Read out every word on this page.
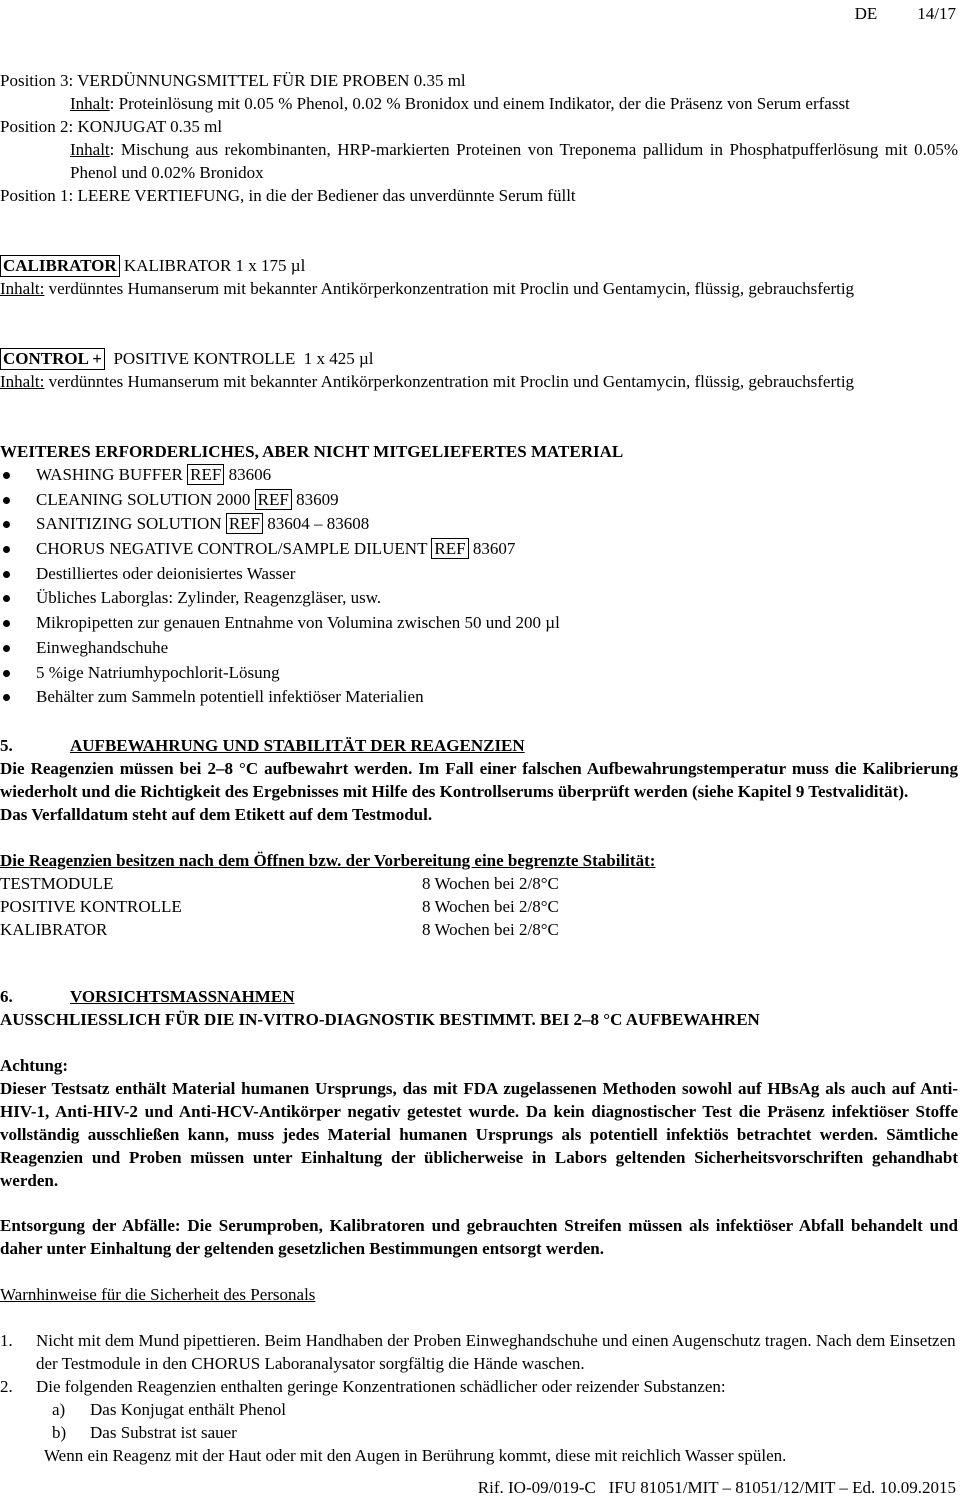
DE 14/17

Position 3: VERDÜNNUNGSMITTEL FÜR DIE PROBEN 0.35 ml

Inhalt: Proteinlösung mit 0.05 % Phenol, 0.02 % Bronidox und einem Indikator, der die Präsenz von Serum erfasst

Position 2: KONJUGAT 0.35 ml

Inhalt: Mischung aus rekombinanten, HRP-markierten Proteinen von Treponema pallidum in Phosphatpufferlösung mit 0.05% Phenol und 0.02% Bronidox

Position 1: LEERE VERTIEFUNG, in die der Bediener das unverdünnte Serum füllt

CALIBRATOR KALIBRATOR 1 x 175 µl

Inhalt: verdünntes Humanserum mit bekannter Antikörperkonzentration mit Proclin und Gentamycin, flüssig, gebrauchsfertig

CONTROL +  POSITIVE KONTROLLE  1 x 425 µl

Inhalt: verdünntes Humanserum mit bekannter Antikörperkonzentration mit Proclin und Gentamycin, flüssig, gebrauchsfertig

WEITERES ERFORDERLICHES, ABER NICHT MITGELIEFERTES MATERIAL

WASHING BUFFER REF 83606
CLEANING SOLUTION 2000 REF 83609
SANITIZING SOLUTION REF 83604 – 83608
CHORUS NEGATIVE CONTROL/SAMPLE DILUENT REF 83607
Destilliertes oder deionisiertes Wasser
Übliches Laborglas: Zylinder, Reagenzgläser, usw.
Mikropipetten zur genauen Entnahme von Volumina zwischen 50 und 200 µl
Einweghandschuhe
5 %ige Natriumhypochlorit-Lösung
Behälter zum Sammeln potentiell infektiöser Materialien

5.	AUFBEWAHRUNG UND STABILITÄT DER REAGENZIEN

Die Reagenzien müssen bei 2–8 °C aufbewahrt werden. Im Fall einer falschen Aufbewahrungstemperatur muss die Kalibrierung wiederholt und die Richtigkeit des Ergebnisses mit Hilfe des Kontrollserums überprüft werden (siehe Kapitel 9 Testvalidität).

Das Verfalldatum steht auf dem Etikett auf dem Testmodul.

Die Reagenzien besitzen nach dem Öffnen bzw. der Vorbereitung eine begrenzte Stabilität:

TESTMODULE	8 Wochen bei 2/8°C
POSITIVE KONTROLLE	8 Wochen bei 2/8°C
KALIBRATOR	8 Wochen bei 2/8°C

6.	VORSICHTSMASSNAHMEN

AUSSCHLIESSLICH FÜR DIE IN-VITRO-DIAGNOSTIK BESTIMMT. BEI 2–8 °C AUFBEWAHREN

Achtung:

Dieser Testsatz enthält Material humanen Ursprungs, das mit FDA zugelassenen Methoden sowohl auf HBsAg als auch auf Anti-HIV-1, Anti-HIV-2 und Anti-HCV-Antikörper negativ getestet wurde. Da kein diagnostischer Test die Präsenz infektiöser Stoffe vollständig ausschließen kann, muss jedes Material humanen Ursprungs als potentiell infektiös betrachtet werden. Sämtliche Reagenzien und Proben müssen unter Einhaltung der üblicherweise in Labors geltenden Sicherheitsvorschriften gehandhabt werden.

Entsorgung der Abfälle: Die Serumproben, Kalibratoren und gebrauchten Streifen müssen als infektiöser Abfall behandelt und daher unter Einhaltung der geltenden gesetzlichen Bestimmungen entsorgt werden.

Warnhinweise für die Sicherheit des Personals

1.	Nicht mit dem Mund pipettieren. Beim Handhaben der Proben Einweghandschuhe und einen Augenschutz tragen. Nach dem Einsetzen der Testmodule in den CHORUS Laboranalysator sorgfältig die Hände waschen.
2.	Die folgenden Reagenzien enthalten geringe Konzentrationen schädlicher oder reizender Substanzen:
a) Das Konjugat enthält Phenol
b) Das Substrat ist sauer

Wenn ein Reagenz mit der Haut oder mit den Augen in Berührung kommt, diese mit reichlich Wasser spülen.

Rif. IO-09/019-C   IFU 81051/MIT – 81051/12/MIT – Ed. 10.09.2015
